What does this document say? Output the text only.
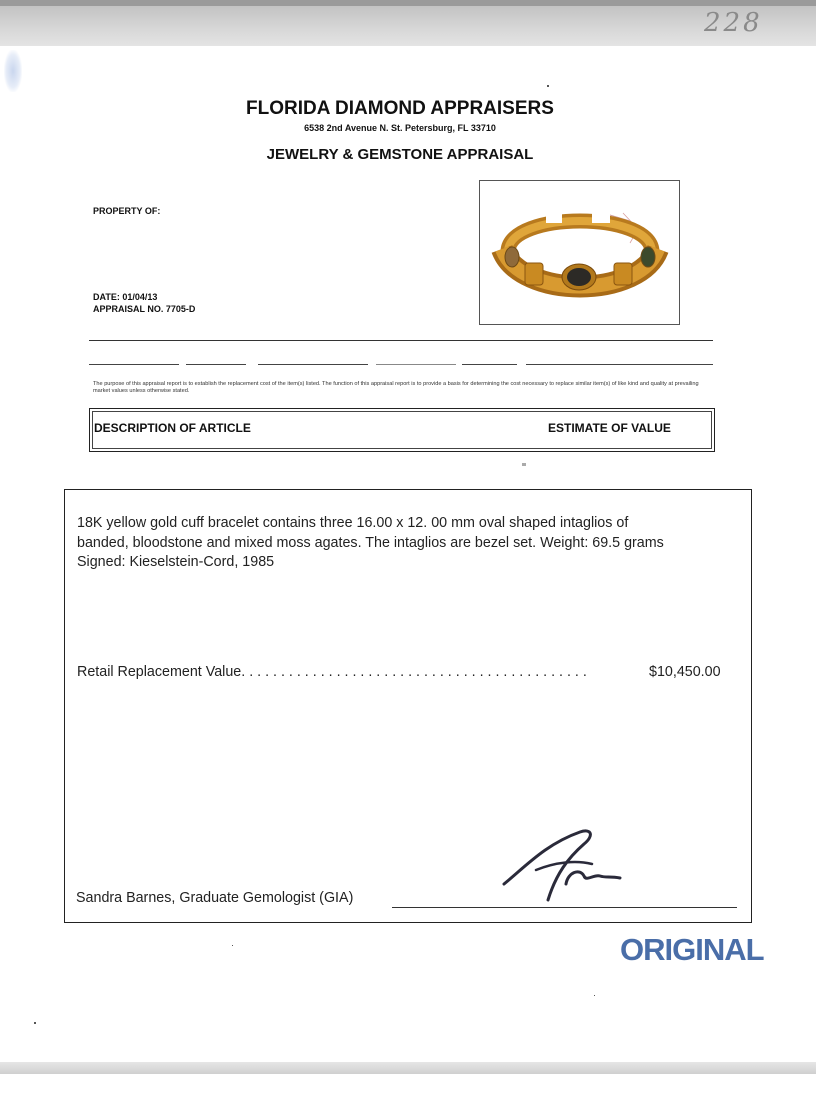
228
FLORIDA DIAMOND APPRAISERS
6538 2nd Avenue N. St. Petersburg, FL 33710
JEWELRY & GEMSTONE APPRAISAL
PROPERTY OF:
DATE: 01/04/13
APPRAISAL NO. 7705-D
The purpose of this appraisal report is to establish the replacement cost of the item(s) listed. The function of this appraisal report is to provide a basis for determining the cost necessary to replace similar item(s) of like kind and quality at prevailing market values unless otherwise stated.
DESCRIPTION OF ARTICLE	ESTIMATE OF VALUE
18K yellow gold cuff bracelet contains three 16.00 x 12. 00 mm oval shaped intaglios of banded, bloodstone and mixed moss agates. The intaglios are bezel set. Weight: 69.5 grams Signed: Kieselstein-Cord, 1985
Retail Replacement Value. . . . . . . . . . . . . . . . . . . . . . . . . . . . . . . . . . . . . . . . . . . .	$10,450.00
Sandra Barnes, Graduate Gemologist (GIA)
ORIGINAL
